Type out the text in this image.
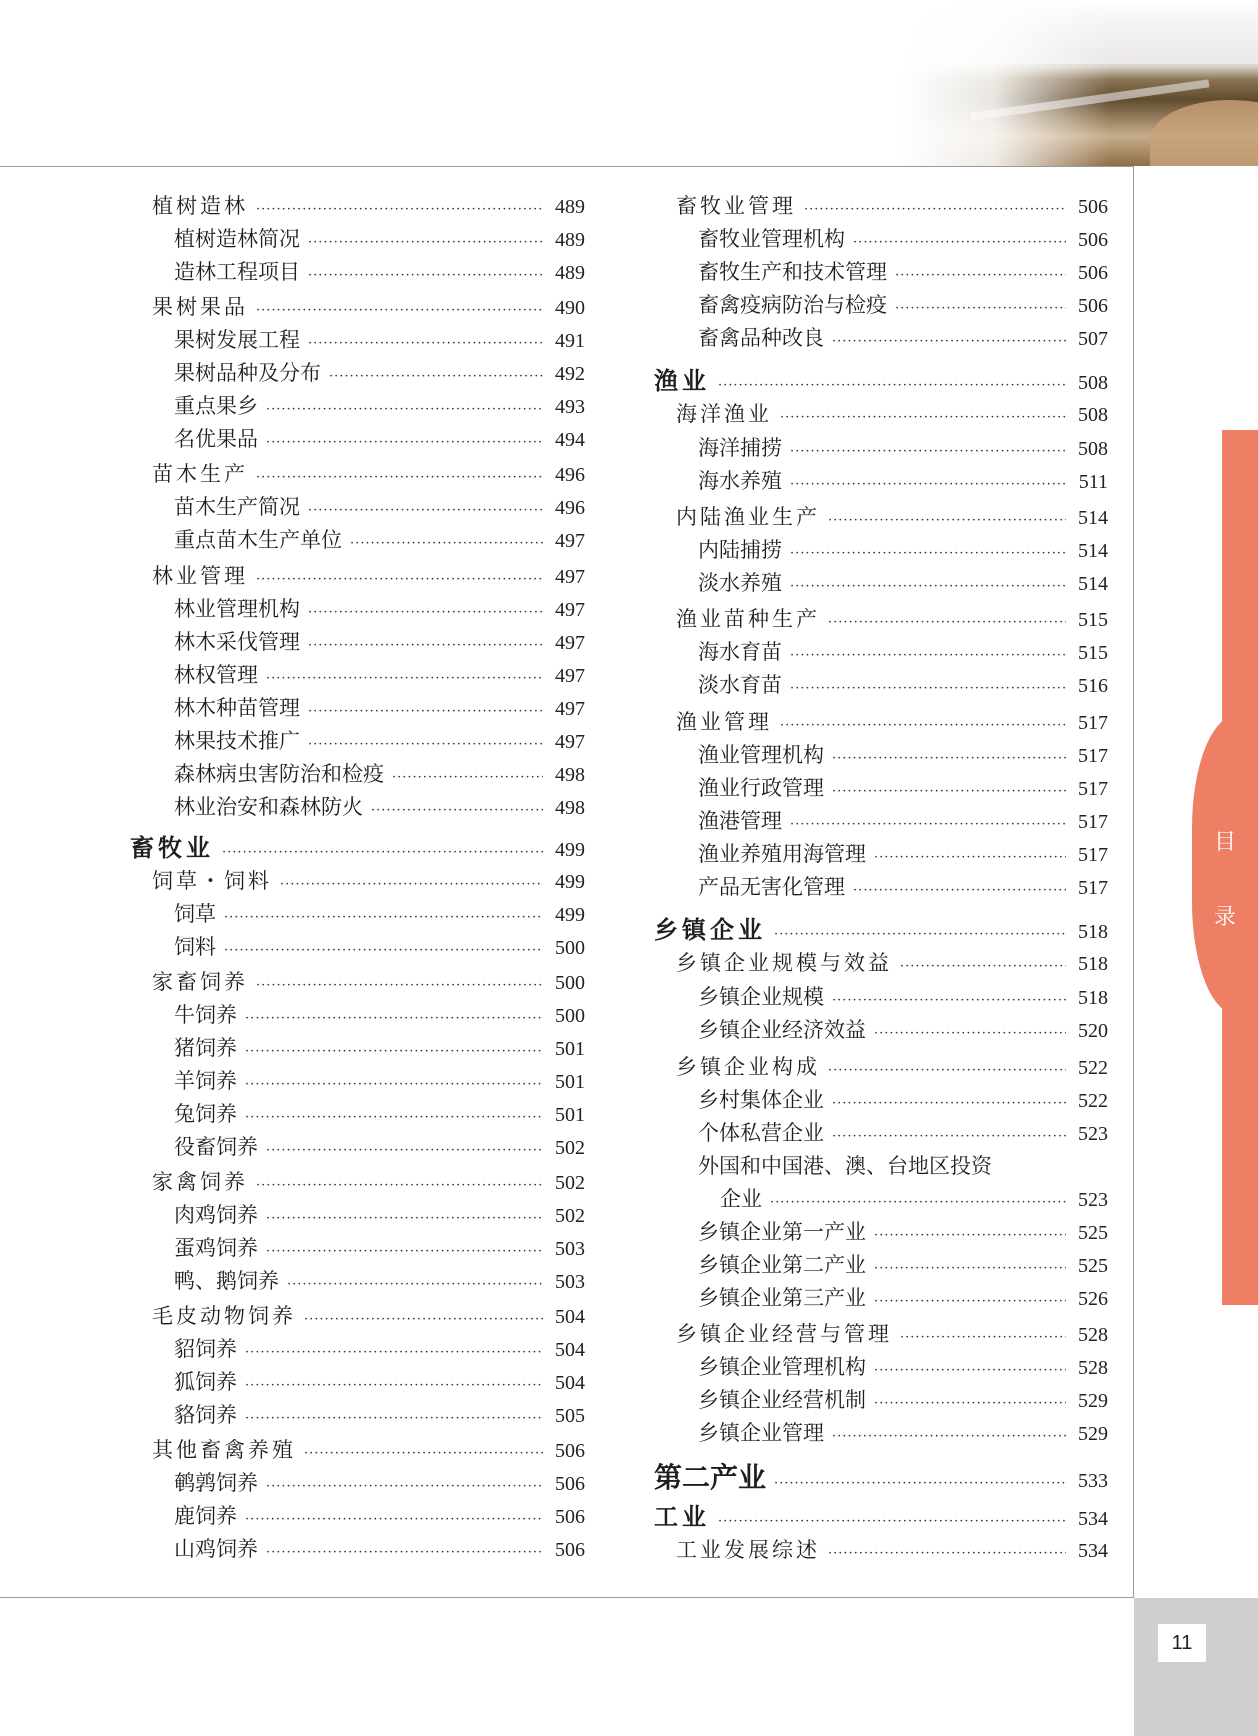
目
录
11
植树造林 ·····	489
植树造林简况 ·····	489
造林工程项目 ·····	489
果树果品 ·····	490
果树发展工程 ·····	491
果树品种及分布 ·····	492
重点果乡 ·····	493
名优果品 ·····	494
苗木生产 ·····	496
苗木生产简况 ·····	496
重点苗木生产单位 ·····	497
林业管理 ·····	497
林业管理机构 ·····	497
林木采伐管理 ·····	497
林权管理 ·····	497
林木种苗管理 ·····	497
林果技术推广 ·····	497
森林病虫害防治和检疫 ·····	498
林业治安和森林防火 ·····	498
畜牧业 ·····	499
饲草・饲料 ·····	499
饲草 ·····	499
饲料 ·····	500
家畜饲养 ·····	500
牛饲养 ·····	500
猪饲养 ·····	501
羊饲养 ·····	501
兔饲养 ·····	501
役畜饲养 ·····	502
家禽饲养 ·····	502
肉鸡饲养 ·····	502
蛋鸡饲养 ·····	503
鸭、鹅饲养 ·····	503
毛皮动物饲养 ·····	504
貂饲养 ·····	504
狐饲养 ·····	504
貉饲养 ·····	505
其他畜禽养殖 ·····	506
鹌鹑饲养 ·····	506
鹿饲养 ·····	506
山鸡饲养 ·····	506
畜牧业管理 ·····	506
畜牧业管理机构 ·····	506
畜牧生产和技术管理 ·····	506
畜禽疫病防治与检疫 ·····	506
畜禽品种改良 ·····	507
渔业 ·····	508
海洋渔业 ·····	508
海洋捕捞 ·····	508
海水养殖 ·····	511
内陆渔业生产 ·····	514
内陆捕捞 ·····	514
淡水养殖 ·····	514
渔业苗种生产 ·····	515
海水育苗 ·····	515
淡水育苗 ·····	516
渔业管理 ·····	517
渔业管理机构 ·····	517
渔业行政管理 ·····	517
渔港管理 ·····	517
渔业养殖用海管理 ·····	517
产品无害化管理 ·····	517
乡镇企业 ·····	518
乡镇企业规模与效益 ·····	518
乡镇企业规模 ·····	518
乡镇企业经济效益 ·····	520
乡镇企业构成 ·····	522
乡村集体企业 ·····	522
个体私营企业 ·····	523
外国和中国港、澳、台地区投资
企业 ·····	523
乡镇企业第一产业 ·····	525
乡镇企业第二产业 ·····	525
乡镇企业第三产业 ·····	526
乡镇企业经营与管理 ·····	528
乡镇企业管理机构 ·····	528
乡镇企业经营机制 ·····	529
乡镇企业管理 ·····	529
第二产业 ·····	533
工业 ·····	534
工业发展综述 ·····	534
